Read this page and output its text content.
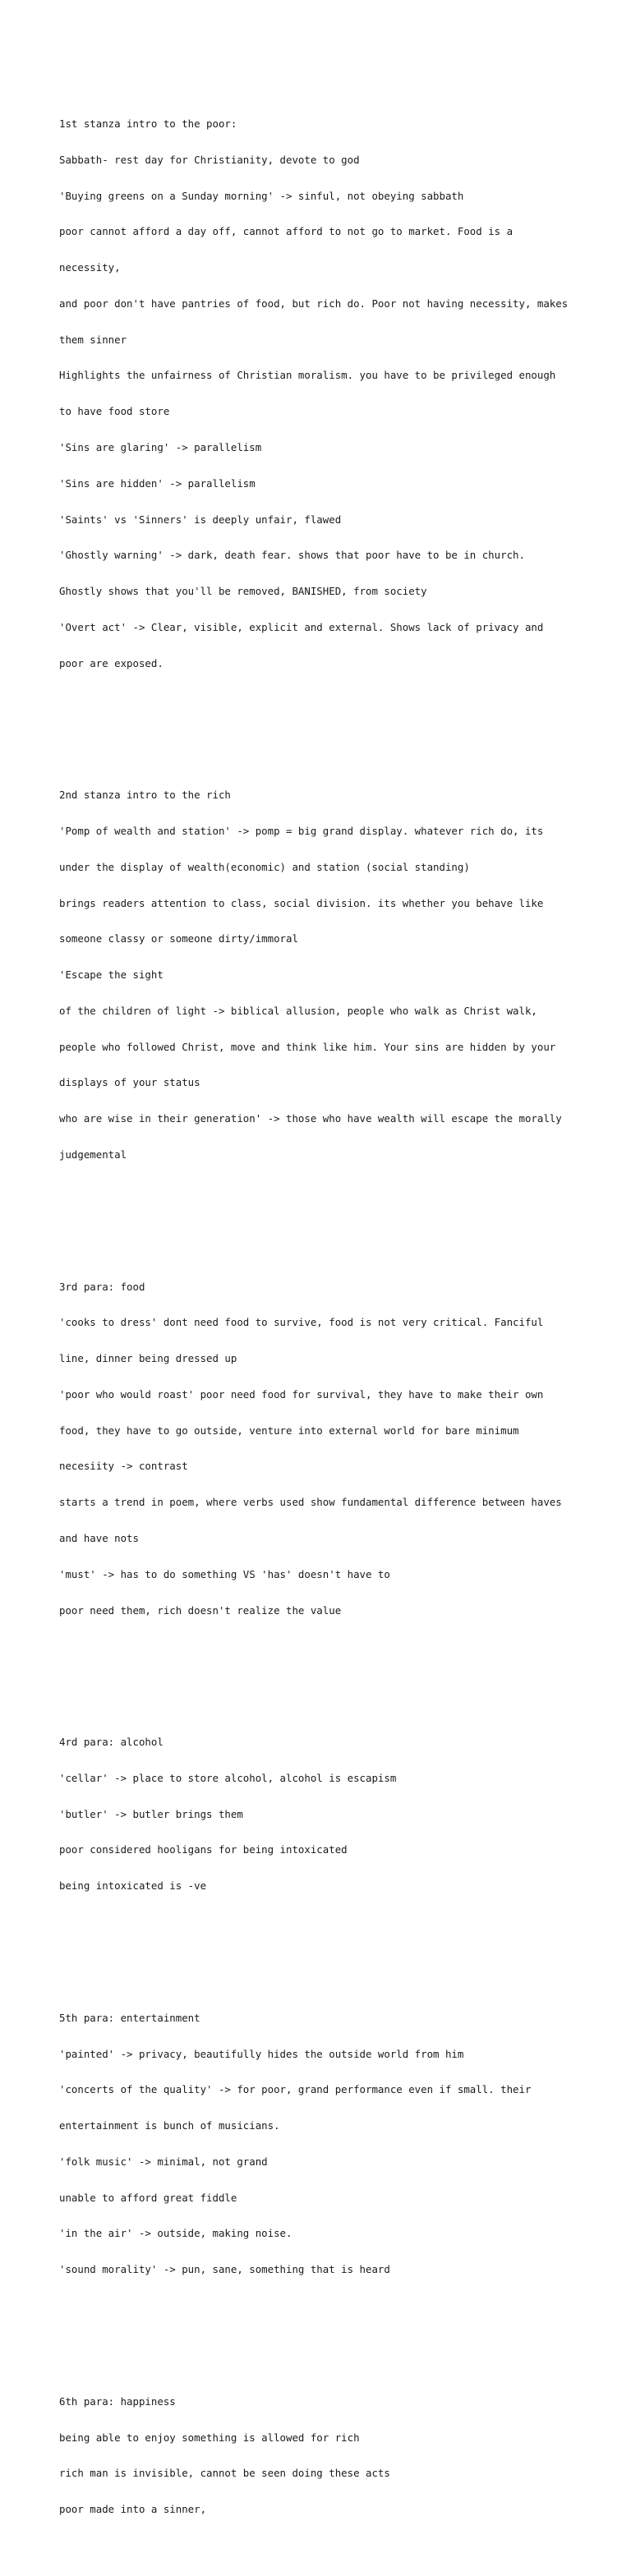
1st stanza intro to the poor:

Sabbath- rest day for Christianity, devote to god

'Buying greens on a Sunday morning' -> sinful, not obeying sabbath

poor cannot afford a day off, cannot afford to not go to market. Food is a

necessity,

and poor don't have pantries of food, but rich do. Poor not having necessity, makes

them sinner

Highlights the unfairness of Christian moralism. you have to be privileged enough

to have food store

'Sins are glaring' -> parallelism

'Sins are hidden' -> parallelism

'Saints' vs 'Sinners' is deeply unfair, flawed

'Ghostly warning' -> dark, death fear. shows that poor have to be in church.

Ghostly shows that you'll be removed, BANISHED, from society

'Overt act' -> Clear, visible, explicit and external. Shows lack of privacy and

poor are exposed.

2nd stanza intro to the rich

'Pomp of wealth and station' -> pomp = big grand display. whatever rich do, its

under the display of wealth(economic) and station (social standing)

brings readers attention to class, social division. its whether you behave like

someone classy or someone dirty/immoral

'Escape the sight

of the children of light -> biblical allusion, people who walk as Christ walk,

people who followed Christ, move and think like him. Your sins are hidden by your

displays of your status

who are wise in their generation' -> those who have wealth will escape the morally

judgemental

3rd para: food

'cooks to dress' dont need food to survive, food is not very critical. Fanciful

line, dinner being dressed up

'poor who would roast' poor need food for survival, they have to make their own

food, they have to go outside, venture into external world for bare minimum

necesiity -> contrast

starts a trend in poem, where verbs used show fundamental difference between haves

and have nots

'must' -> has to do something VS 'has' doesn't have to

poor need them, rich doesn't realize the value

4rd para: alcohol

'cellar' -> place to store alcohol, alcohol is escapism

'butler' -> butler brings them

poor considered hooligans for being intoxicated

being intoxicated is -ve

5th para: entertainment

'painted' -> privacy, beautifully hides the outside world from him

'concerts of the quality' -> for poor, grand performance even if small. their

entertainment is bunch of musicians.

'folk music' -> minimal, not grand

unable to afford great fiddle

'in the air' -> outside, making noise.

'sound morality' -> pun, sane, something that is heard

6th para: happiness

being able to enjoy something is allowed for rich

rich man is invisible, cannot be seen doing these acts

poor made into a sinner,
